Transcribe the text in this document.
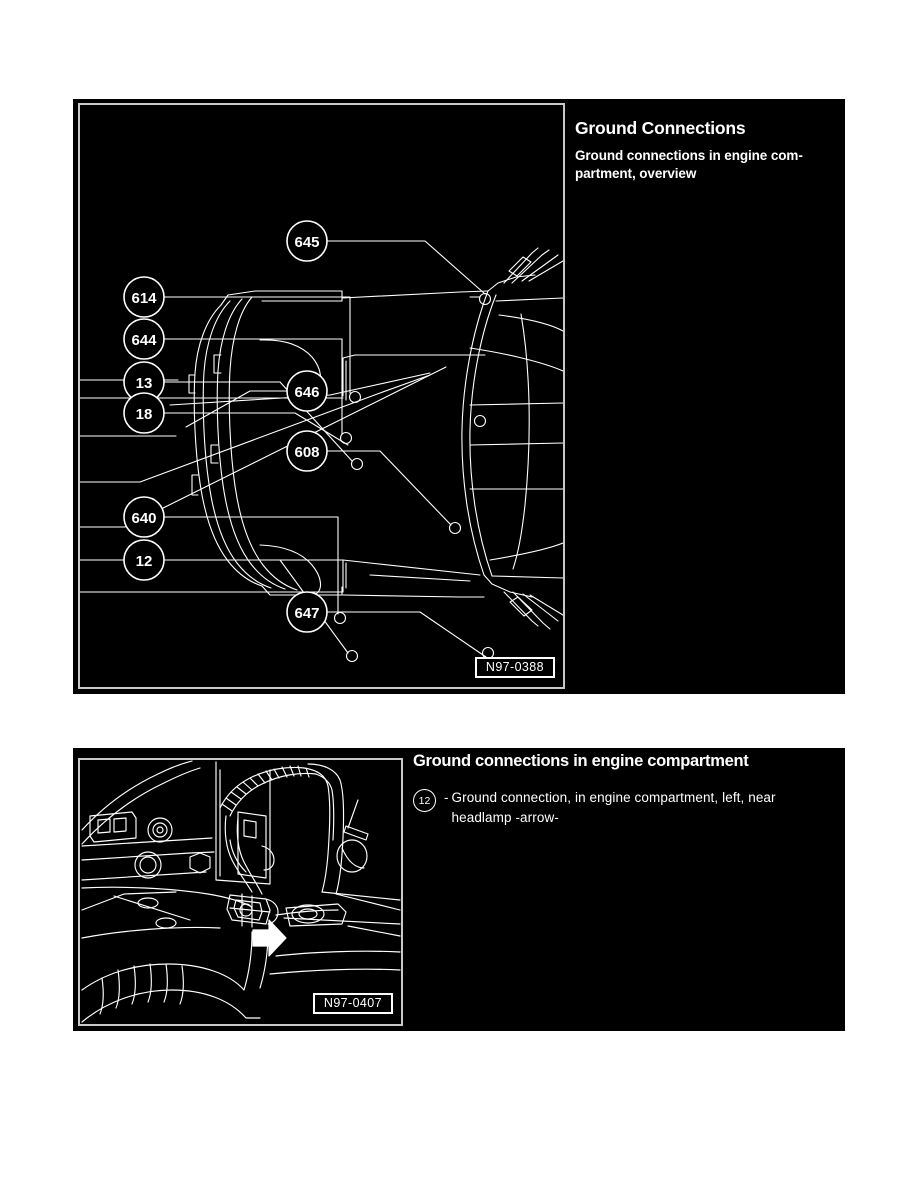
645
614
644
13
18
646
608
640
12
647
N97-0388
Ground Connections

Ground connections in engine com-
partment, overview

N97-0407
Ground connections in engine compartment
12	- Ground connection, in engine compartment, left, near
headlamp -arrow-
